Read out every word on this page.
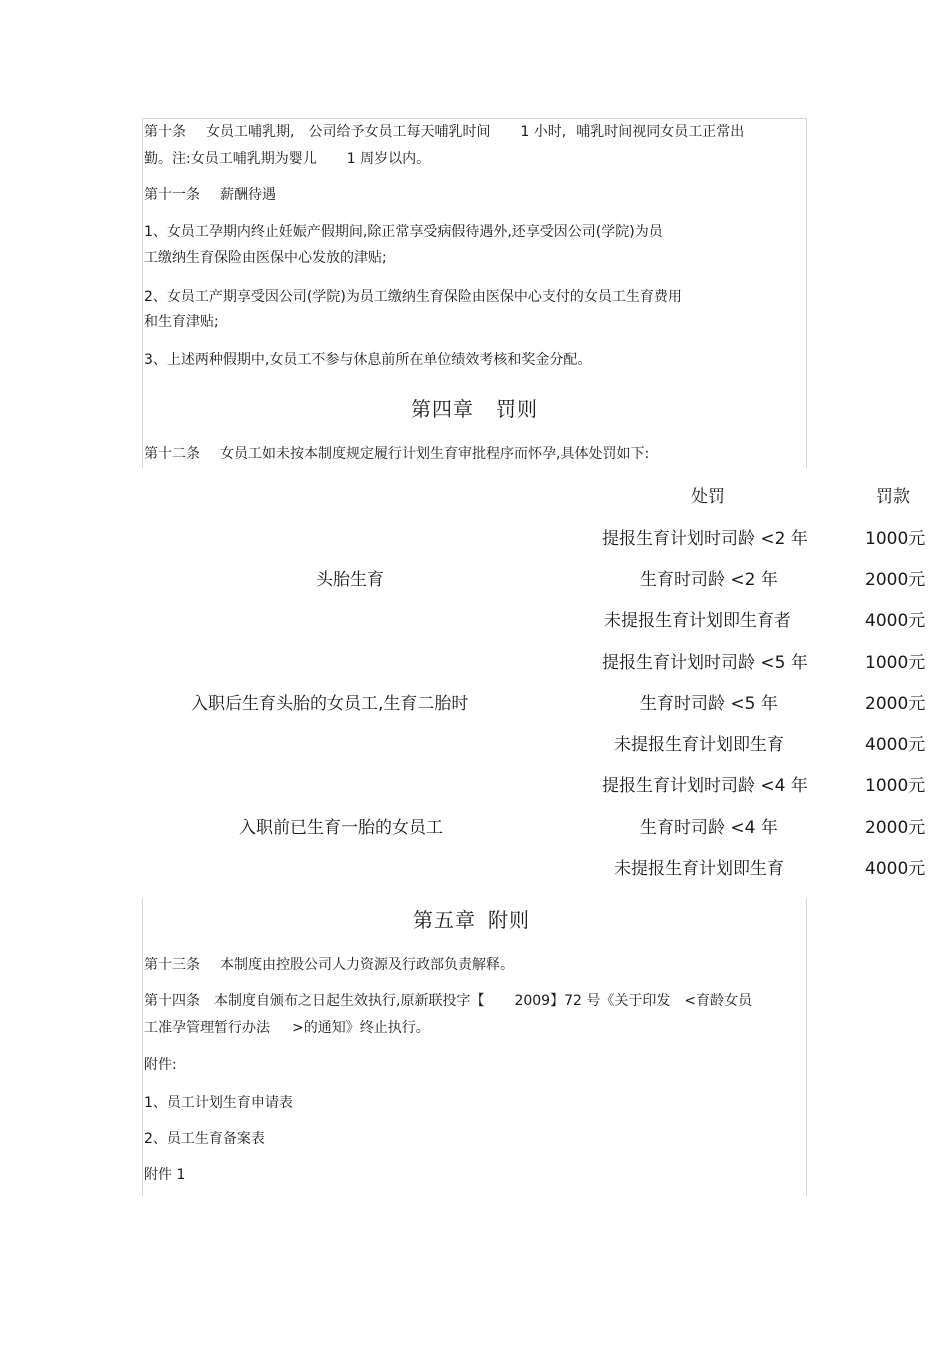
第十条 女员工哺乳期, 公司给予女员工每天哺乳时间 1 小时, 哺乳时间视同女员工正常出
勤。注:女员工哺乳期为婴儿 1 周岁以内。
第十一条 薪酬待遇
1、女员工孕期内终止妊娠产假期间,除正常享受病假待遇外,还享受因公司(学院)为员
工缴纳生育保险由医保中心发放的津贴;
2、女员工产期享受因公司(学院)为员工缴纳生育保险由医保中心支付的女员工生育费用
和生育津贴;
3、上述两种假期中,女员工不参与休息前所在单位绩效考核和奖金分配。
第四章 罚则
第十二条 女员工如未按本制度规定履行计划生育审批程序而怀孕,具体处罚如下:
处罚	罚款
头胎生育
提报生育计划时司龄 <2 年	1000元
生育时司龄 <2 年	2000元
未提报生育计划即生育者	4000元
入职后生育头胎的女员工,生育二胎时
提报生育计划时司龄 <5 年	1000元
生育时司龄 <5 年	2000元
未提报生育计划即生育	4000元
入职前已生育一胎的女员工
提报生育计划时司龄 <4 年	1000元
生育时司龄 <4 年	2000元
未提报生育计划即生育	4000元
第五章 附则
第十三条 本制度由控股公司人力资源及行政部负责解释。
第十四条 本制度自颁布之日起生效执行,原新联投字【 2009】72 号《关于印发 <育龄女员
工准孕管理暂行办法 >的通知》终止执行。
附件:
1、员工计划生育申请表
2、员工生育备案表
附件 1
